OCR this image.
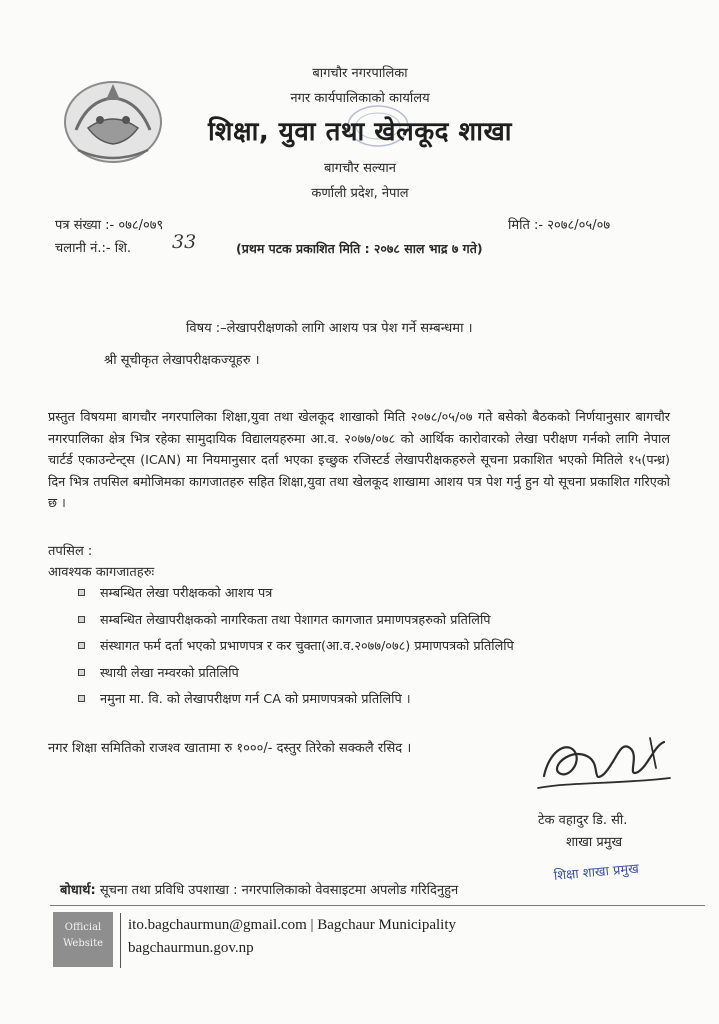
बागचौर नगरपालिका
नगर कार्यपालिकाको कार्यालय
शिक्षा, युवा तथा खेलकूद शाखा
बागचौर सल्यान
कर्णाली प्रदेश, नेपाल
पत्र संख्या :- ०७८/०७९	मिति :- २०७८/०५/०७
चलानी नं.:- शि. 33	(प्रथम पटक प्रकाशित मिति : २०७८ साल भाद्र ७ गते)
विषय :–लेखापरीक्षणको लागि आशय पत्र पेश गर्ने सम्बन्धमा ।
श्री सूचीकृत लेखापरीक्षकज्यूहरु ।
प्रस्तुत विषयमा बागचौर नगरपालिका शिक्षा,युवा तथा खेलकूद शाखाको मिति २०७८/०५/०७ गते बसेको बैठकको निर्णयानुसार बागचौर नगरपालिका क्षेत्र भित्र रहेका सामुदायिक विद्यालयहरुमा आ.व. २०७७/०७८ को आर्थिक कारोवारको लेखा परीक्षण गर्नको लागि नेपाल चार्टर्ड एकाउन्टेन्ट्स (ICAN) मा नियमानुसार दर्ता भएका इच्छुक रजिस्टर्ड लेखापरीक्षकहरुले सूचना प्रकाशित भएको मितिले १५(पन्ध्र) दिन भित्र तपसिल बमोजिमका कागजातहरु सहित शिक्षा,युवा तथा खेलकूद शाखामा आशय पत्र पेश गर्नु हुन यो सूचना प्रकाशित गरिएको छ ।
तपसिल :
आवश्यक कागजातहरुः
सम्बन्धित लेखा परीक्षकको आशय पत्र
सम्बन्धित लेखापरीक्षकको नागरिकता तथा पेशागत कागजात प्रमाणपत्रहरुको प्रतिलिपि
संस्थागत फर्म दर्ता भएको प्रभाणपत्र र कर चुक्ता(आ.व.२०७७/०७८) प्रमाणपत्रको प्रतिलिपि
स्थायी लेखा नम्वरको प्रतिलिपि
नमुना मा. वि. को लेखापरीक्षण गर्न CA को प्रमाणपत्रको प्रतिलिपि ।
नगर शिक्षा समितिको राजश्व खातामा रु १०००/- दस्तुर तिरेको सक्कलै रसिद ।
टेक वहादुर डि. सी.
शाखा प्रमुख
बोधार्थ: सूचना तथा प्रविधि उपशाखा : नगरपालिकाको वेवसाइटमा अपलोड गरिदिनुहुन
शिक्षा शाखा प्रमुख
Official
Website
ito.bagchaurmun@gmail.com | Bagchaur Municipality
bagchaurmun.gov.np
